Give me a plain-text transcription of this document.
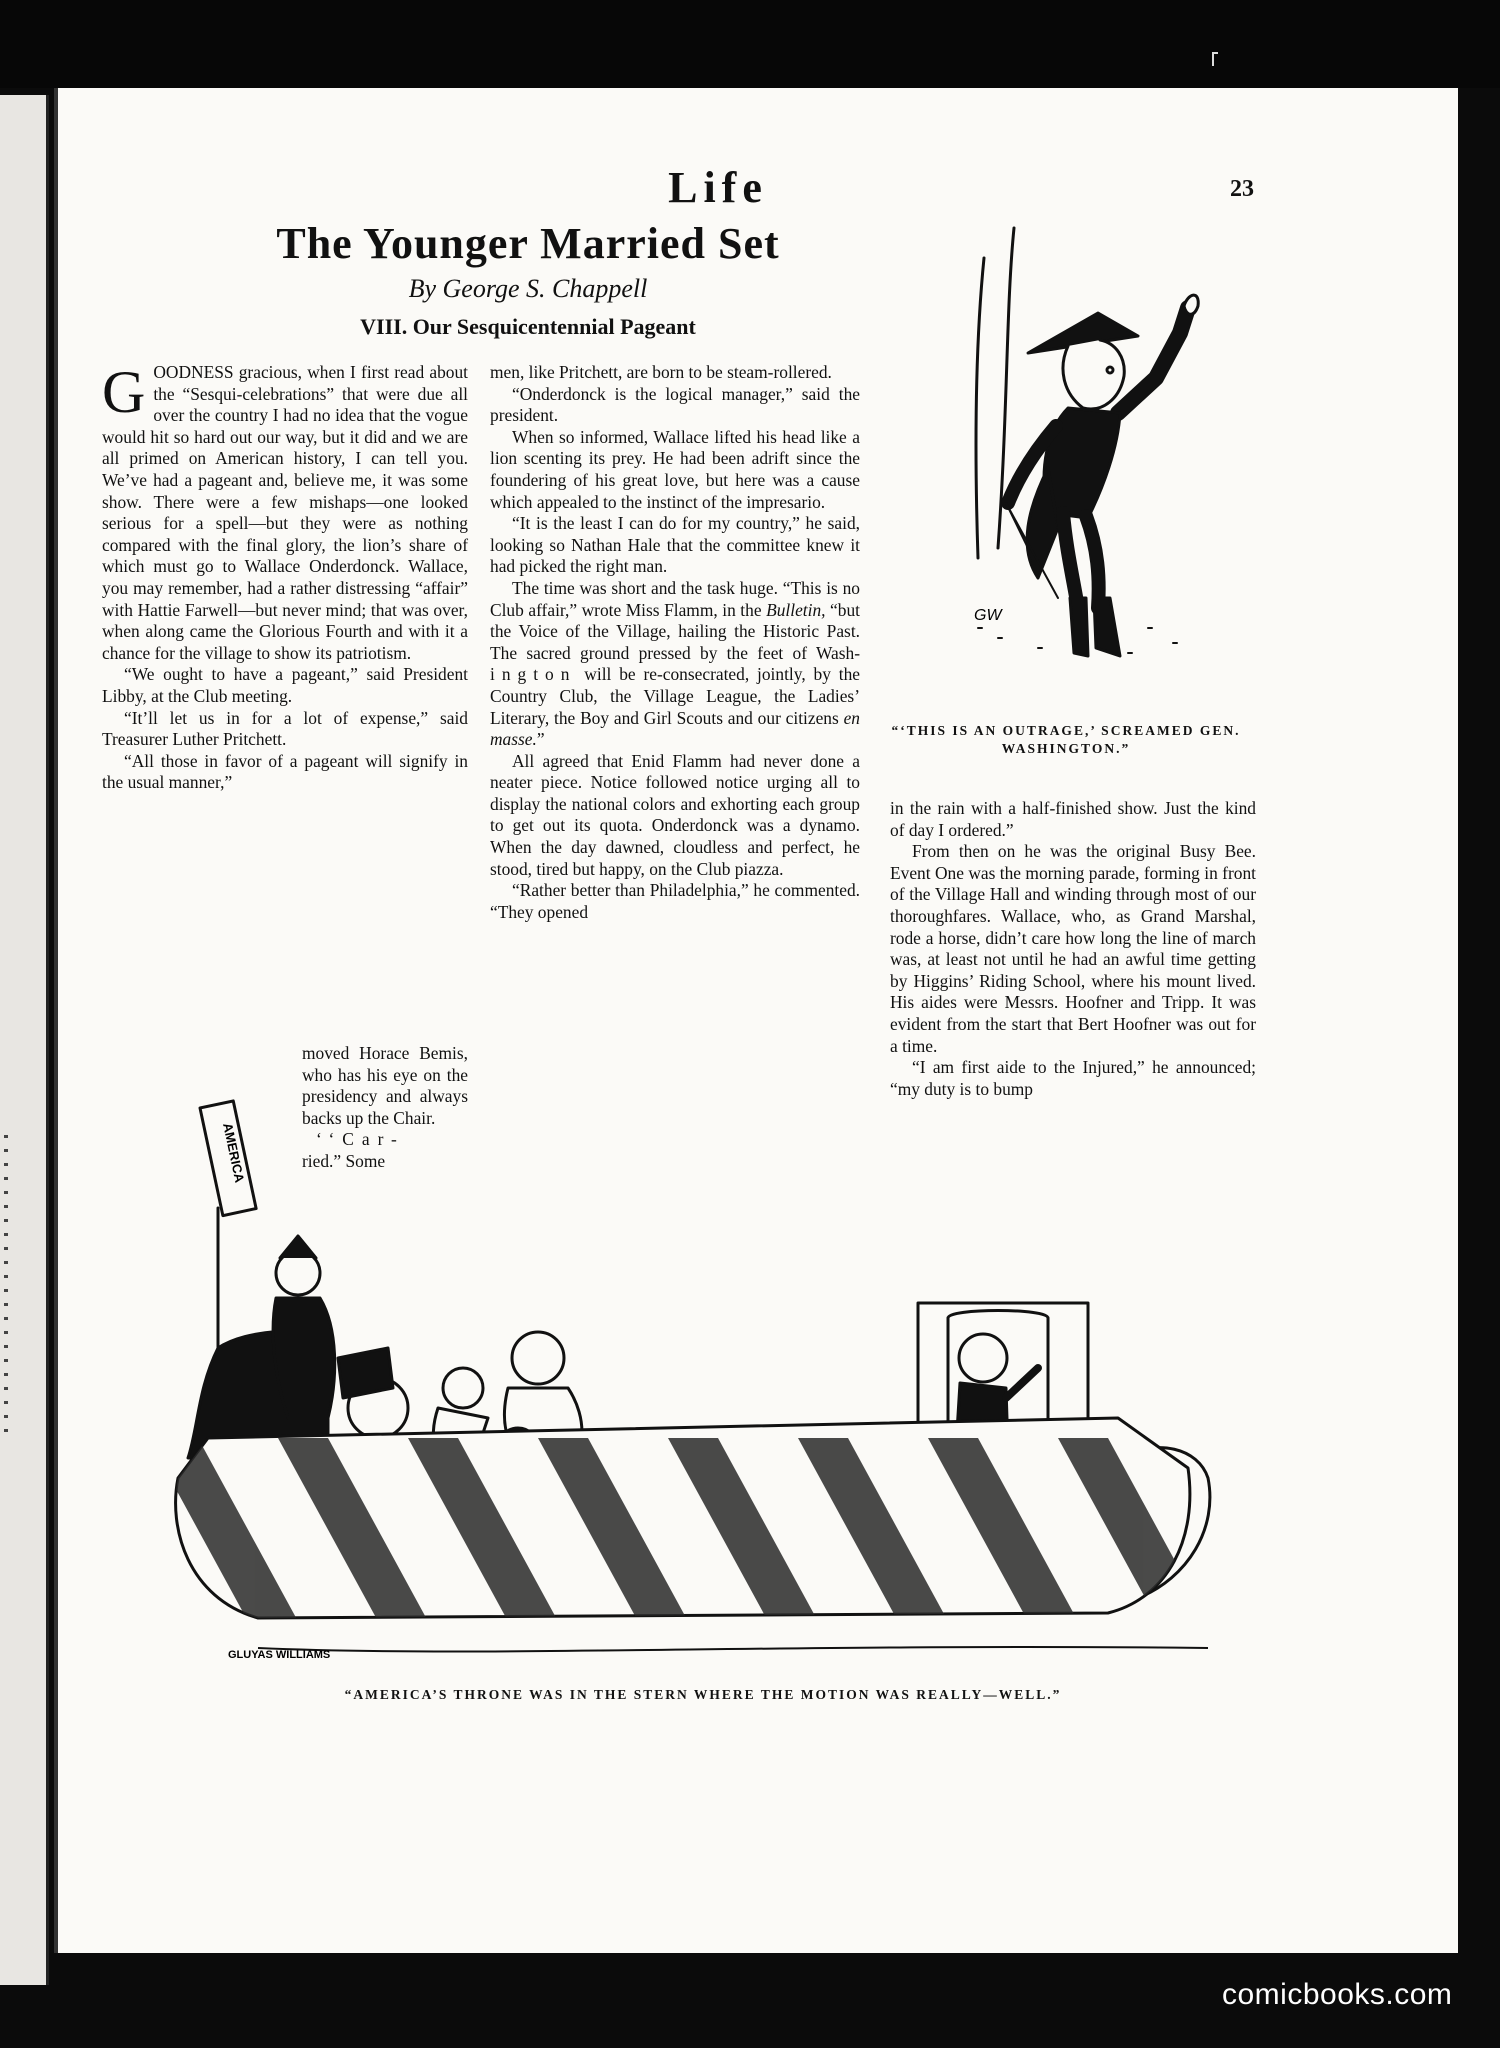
Life	23
The Younger Married Set
By George S. Chappell
VIII. Our Sesquicentennial Pageant
GW

GOODNESS gracious, when I first read about the “Sesqui-celebrations” that were due all over the country I had no idea that the vogue would hit so hard out our way, but it did and we are all primed on American history, I can tell you. We’ve had a pageant and, believe me, it was some show. There were a few mishaps—one looked serious for a spell—but they were as nothing compared with the final glory, the lion’s share of which must go to Wallace Onderdonck. Wallace, you may remember, had a rather distressing “affair” with Hattie Farwell—but never mind; that was over, when along came the Glorious Fourth and with it a chance for the village to show its patriotism.

“We ought to have a pageant,” said President Libby, at the Club meeting.

“It’ll let us in for a lot of expense,” said Treasurer Luther Pritchett.

“All those in favor of a pageant will signify in the usual manner,”

moved Horace Bemis, who has his eye on the presidency and always backs up the Chair.

‘‘Car-

ried.” Some

men, like Pritchett, are born to be steam-rollered.

“Onderdonck is the logical manager,” said the president.

When so informed, Wallace lifted his head like a lion scenting its prey. He had been adrift since the foundering of his great love, but here was a cause which appealed to the instinct of the impresario.

“It is the least I can do for my country,” he said, looking so Nathan Hale that the committee knew it had picked the right man.

The time was short and the task huge. “This is no Club affair,” wrote Miss Flamm, in the Bulletin, “but the Voice of the Village, hailing the Historic Past. The sacred ground pressed by the feet of Wash-ington will be re-consecrated, jointly, by the Country Club, the Village League, the Ladies’ Literary, the Boy and Girl Scouts and our citizens en masse.”

All agreed that Enid Flamm had never done a neater piece. Notice followed notice urging all to display the national colors and exhorting each group to get out its quota. Onderdonck was a dynamo. When the day dawned, cloudless and perfect, he stood, tired but happy, on the Club piazza.

“Rather better than Philadelphia,” he commented. “They opened

“‘THIS IS AN OUTRAGE,’ SCREAMED GEN. WASHINGTON.”

in the rain with a half-finished show. Just the kind of day I ordered.”

From then on he was the original Busy Bee. Event One was the morning parade, forming in front of the Village Hall and winding through most of our thoroughfares. Wallace, who, as Grand Marshal, rode a horse, didn’t care how long the line of march was, at least not until he had an awful time getting by Higgins’ Riding School, where his mount lived. His aides were Messrs. Hoofner and Tripp. It was evident from the start that Bert Hoofner was out for a time.

“I am first aide to the Injured,” he announced; “my duty is to bump

AMERICA
GLUYAS WILLIAMS
“AMERICA’S THRONE WAS IN THE STERN WHERE THE MOTION WAS REALLY—WELL.”
comicbooks.com
